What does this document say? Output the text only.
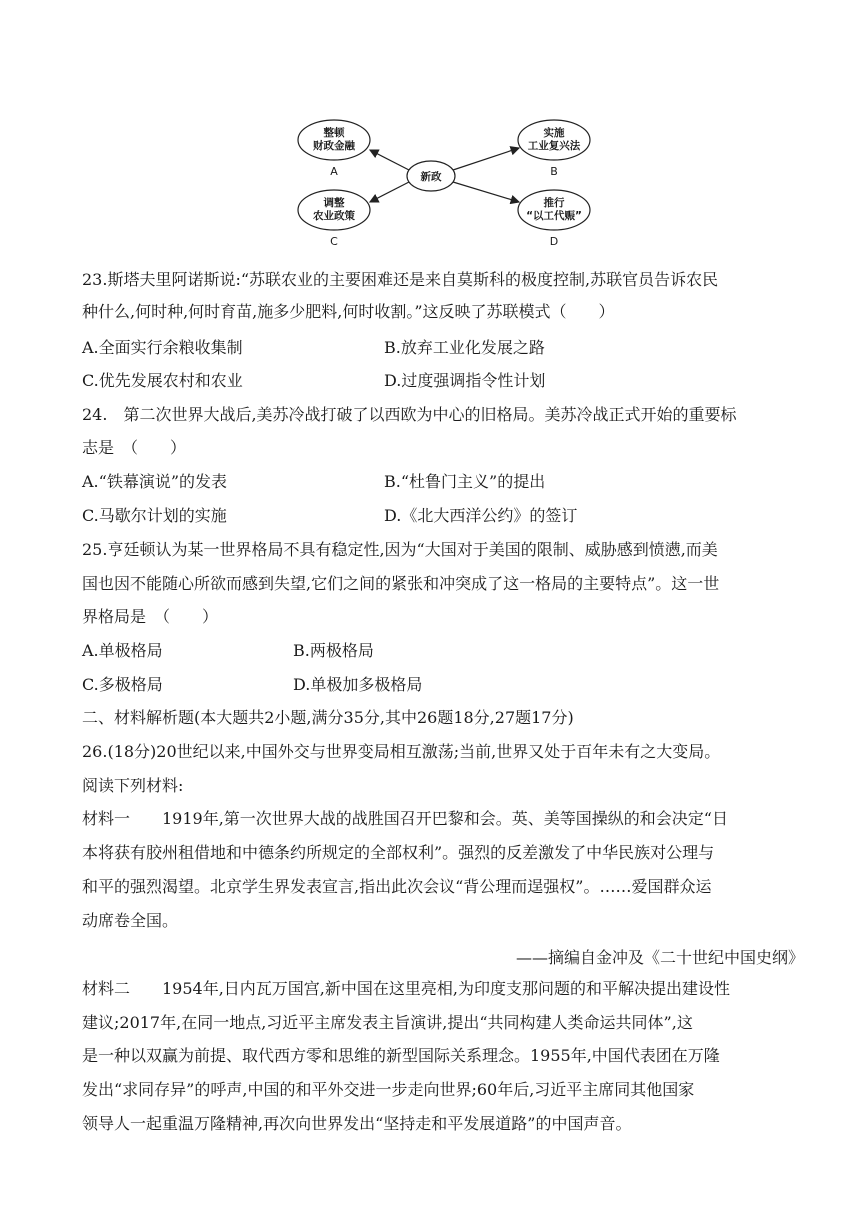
整顿
财政金融
实施
工业复兴法
调整
农业政策
推行
“以工代赈”
新政
A	B
C	D
23.斯塔夫里阿诺斯说:“苏联农业的主要困难还是来自莫斯科的极度控制,苏联官员告诉农民
种什么,何时种,何时育苗,施多少肥料,何时收割。”这反映了苏联模式（　　）
A.全面实行余粮收集制	B.放弃工业化发展之路
C.优先发展农村和农业	D.过度强调指令性计划
24.　第二次世界大战后,美苏冷战打破了以西欧为中心的旧格局。美苏冷战正式开始的重要标
志是　（　　）
A.“铁幕演说”的发表	B.“杜鲁门主义”的提出
C.马歇尔计划的实施	D.《北大西洋公约》的签订
25.亨廷顿认为某一世界格局不具有稳定性,因为“大国对于美国的限制、威胁感到愤懑,而美
国也因不能随心所欲而感到失望,它们之间的紧张和冲突成了这一格局的主要特点”。这一世
界格局是　（　　）
A.单极格局	B.两极格局
C.多极格局	D.单极加多极格局
二、材料解析题(本大题共2小题,满分35分,其中26题18分,27题17分)
26.(18分)20世纪以来,中国外交与世界变局相互激荡;当前,世界又处于百年未有之大变局。
阅读下列材料:
材料一　　1919年,第一次世界大战的战胜国召开巴黎和会。英、美等国操纵的和会决定“日
本将获有胶州租借地和中德条约所规定的全部权利”。强烈的反差激发了中华民族对公理与
和平的强烈渴望。北京学生界发表宣言,指出此次会议“背公理而逞强权”。……爱国群众运
动席卷全国。
——摘编自金冲及《二十世纪中国史纲》
材料二　　1954年,日内瓦万国宫,新中国在这里亮相,为印度支那问题的和平解决提出建设性
建议;2017年,在同一地点,习近平主席发表主旨演讲,提出“共同构建人类命运共同体”,这
是一种以双赢为前提、取代西方零和思维的新型国际关系理念。1955年,中国代表团在万隆
发出“求同存异”的呼声,中国的和平外交进一步走向世界;60年后,习近平主席同其他国家
领导人一起重温万隆精神,再次向世界发出“坚持走和平发展道路”的中国声音。
